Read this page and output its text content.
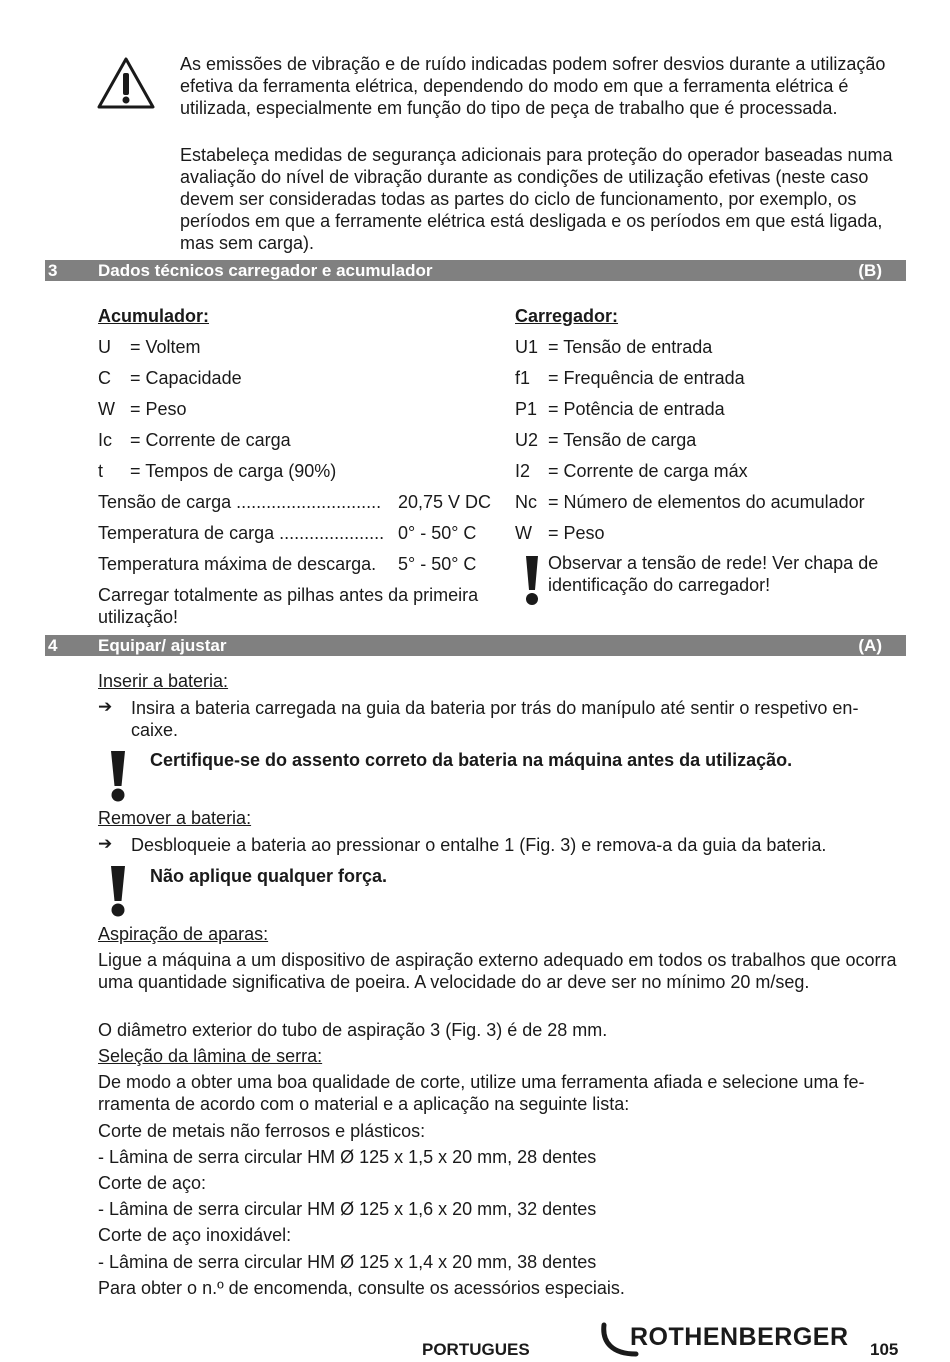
As emissões de vibração e de ruído indicadas podem sofrer desvios durante a utilização efetiva da ferramenta elétrica, dependendo do modo em que a ferramenta elétrica é utilizada, especialmente em função do tipo de peça de trabalho que é processada.

Estabeleça medidas de segurança adicionais para proteção do operador baseadas numa avaliação do nível de vibração durante as condições de utilização efetivas (neste caso devem ser consideradas todas as partes do ciclo de funcionamento, por exemplo, os períodos em que a ferramente elétrica está desligada e os períodos em que está ligada, mas sem carga).

3 Dados técnicos carregador e acumulador	(B)
Acumulador:
U = Voltem
C = Capacidade
W = Peso
Ic = Corrente de carga
t = Tempos de carga (90%)
Tensão de carga ............................. 20,75 V DC
Temperatura de carga ..................... 0° - 50° C
Temperatura máxima de descarga. 5° - 50° C

Carregar totalmente as pilhas antes da primeira utilização!

Carregador:
U1 = Tensão de entrada
f1 = Frequência de entrada
P1 = Potência de entrada
U2 = Tensão de carga
I2 = Corrente de carga máx
Nc = Número de elementos do acumulador
W = Peso

Observar a tensão de rede! Ver chapa de identificação do carregador!

4 Equipar/ ajustar	(A)
Inserir a bateria:
➔ Insira a bateria carregada na guia da bateria por trás do manípulo até sentir o respetivo en-caixe.

Certifique-se do assento correto da bateria na máquina antes da utilização.

Remover a bateria:
➔ Desbloqueie a bateria ao pressionar o entalhe 1 (Fig. 3) e remova-a da guia da bateria.

Não aplique qualquer força.

Aspiração de aparas:

Ligue a máquina a um dispositivo de aspiração externo adequado em todos os trabalhos que ocorra uma quantidade significativa de poeira. A velocidade do ar deve ser no mínimo 20 m/seg.

O diâmetro exterior do tubo de aspiração 3 (Fig. 3) é de 28 mm.

Seleção da lâmina de serra:

De modo a obter uma boa qualidade de corte, utilize uma ferramenta afiada e selecione uma fe-rramenta de acordo com o material e a aplicação na seguinte lista:

Corte de metais não ferrosos e plásticos:

- Lâmina de serra circular HM Ø 125 x 1,5 x 20 mm, 28 dentes

Corte de aço:

- Lâmina de serra circular HM Ø 125 x 1,6 x 20 mm, 32 dentes

Corte de aço inoxidável:

- Lâmina de serra circular HM Ø 125 x 1,4 x 20 mm, 38 dentes

Para obter o n.º de encomenda, consulte os acessórios especiais.

PORTUGUES	ROTHENBERGER 105
